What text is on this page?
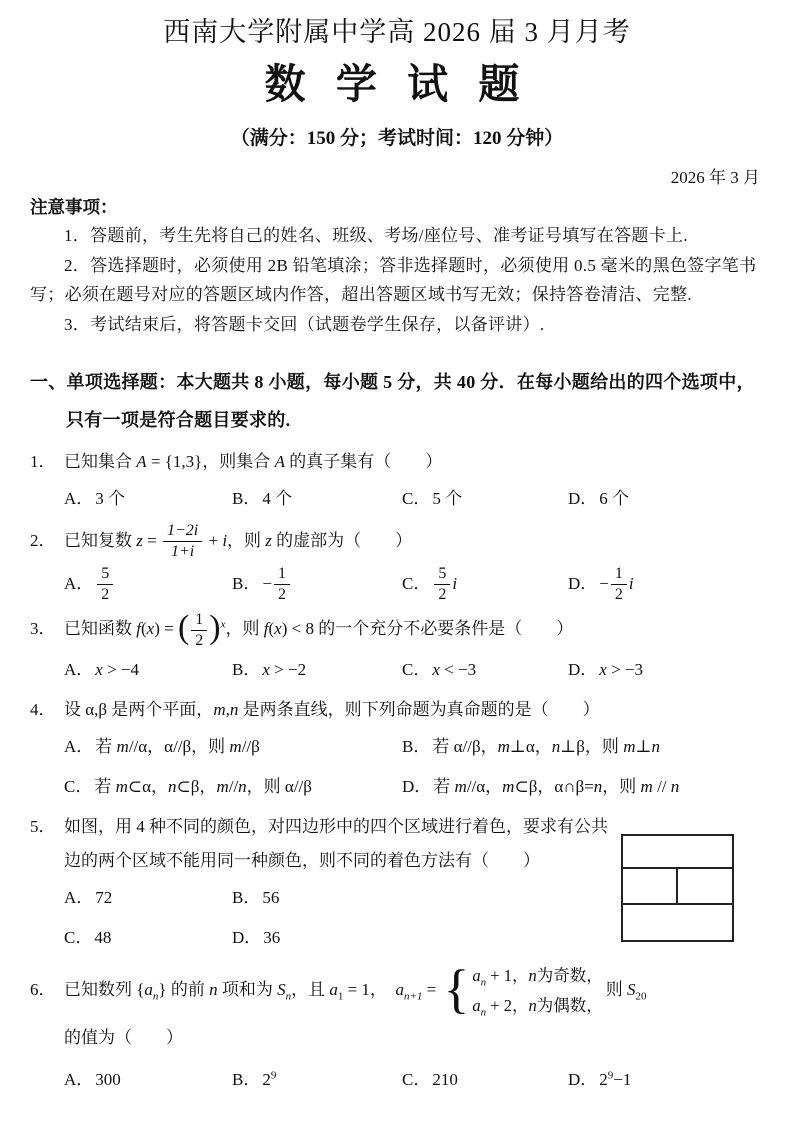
西南大学附属中学高 2026 届 3 月月考
数 学 试 题
（满分：150 分；考试时间：120 分钟）
2026 年 3 月
注意事项：
1．答题前，考生先将自己的姓名、班级、考场/座位号、准考证号填写在答题卡上.
2．答选择题时，必须使用 2B 铅笔填涂；答非选择题时，必须使用 0.5 毫米的黑色签字笔书写；必须在题号对应的答题区域内作答，超出答题区域书写无效；保持答卷清洁、完整.
3．考试结束后，将答题卡交回（试题卷学生保存，以备评讲）.
一、单项选择题：本大题共 8 小题，每小题 5 分，共 40 分．在每小题给出的四个选项中，只有一项是符合题目要求的.

1． 已知集合 A = {1,3}，则集合 A 的真子集有（　　）

A． 3 个	B． 4 个	C． 5 个	D． 6 个

2． 已知复数 $z = \frac{1-2i}{1+i} + i$，则 z 的虚部为（　　）

A． $\frac{5}{2}$	B． − $\frac{1}{2}$	C． $\frac{5}{2}$ i	D． − $\frac{1}{2}$ i

3． 已知函数 f(x) = ( $\frac{1}{2} )^x$，则 f(x) < 8 的一个充分不必要条件是（　　）

A． x > −4	B． x > −2	C． x < −3	D． x > −3

4． 设 α,β 是两个平面，m,n 是两条直线，则下列命题为真命题的是（　　）

A． 若 m//α，α//β，则 m//β	B． 若 α//β，m⊥α，n⊥β，则 m⊥n
C． 若 m⊂α，n⊂β，m//n，则 α//β	D． 若 m//α，m⊂β，α∩β=n，则 m // n

5． 如图，用 4 种不同的颜色，对四边形中的四个区域进行着色，要求有公共边的两个区域不能用同一种颜色，则不同的着色方法有（　　）

A． 72	B． 56
C． 48	D． 36

6． 已知数列 $\{a_n\}$ 的前 n 项和为 $S_n$，且 $a_1 = 1$，　$a_{n+1}$ = { $a_n + 1$，n为奇数，
$a_n + 2$，n为偶数，
则 $S_{20}$ 的值为（　　）

A． 300	B． $2^9$	C． 210	D． $2^9-1$
